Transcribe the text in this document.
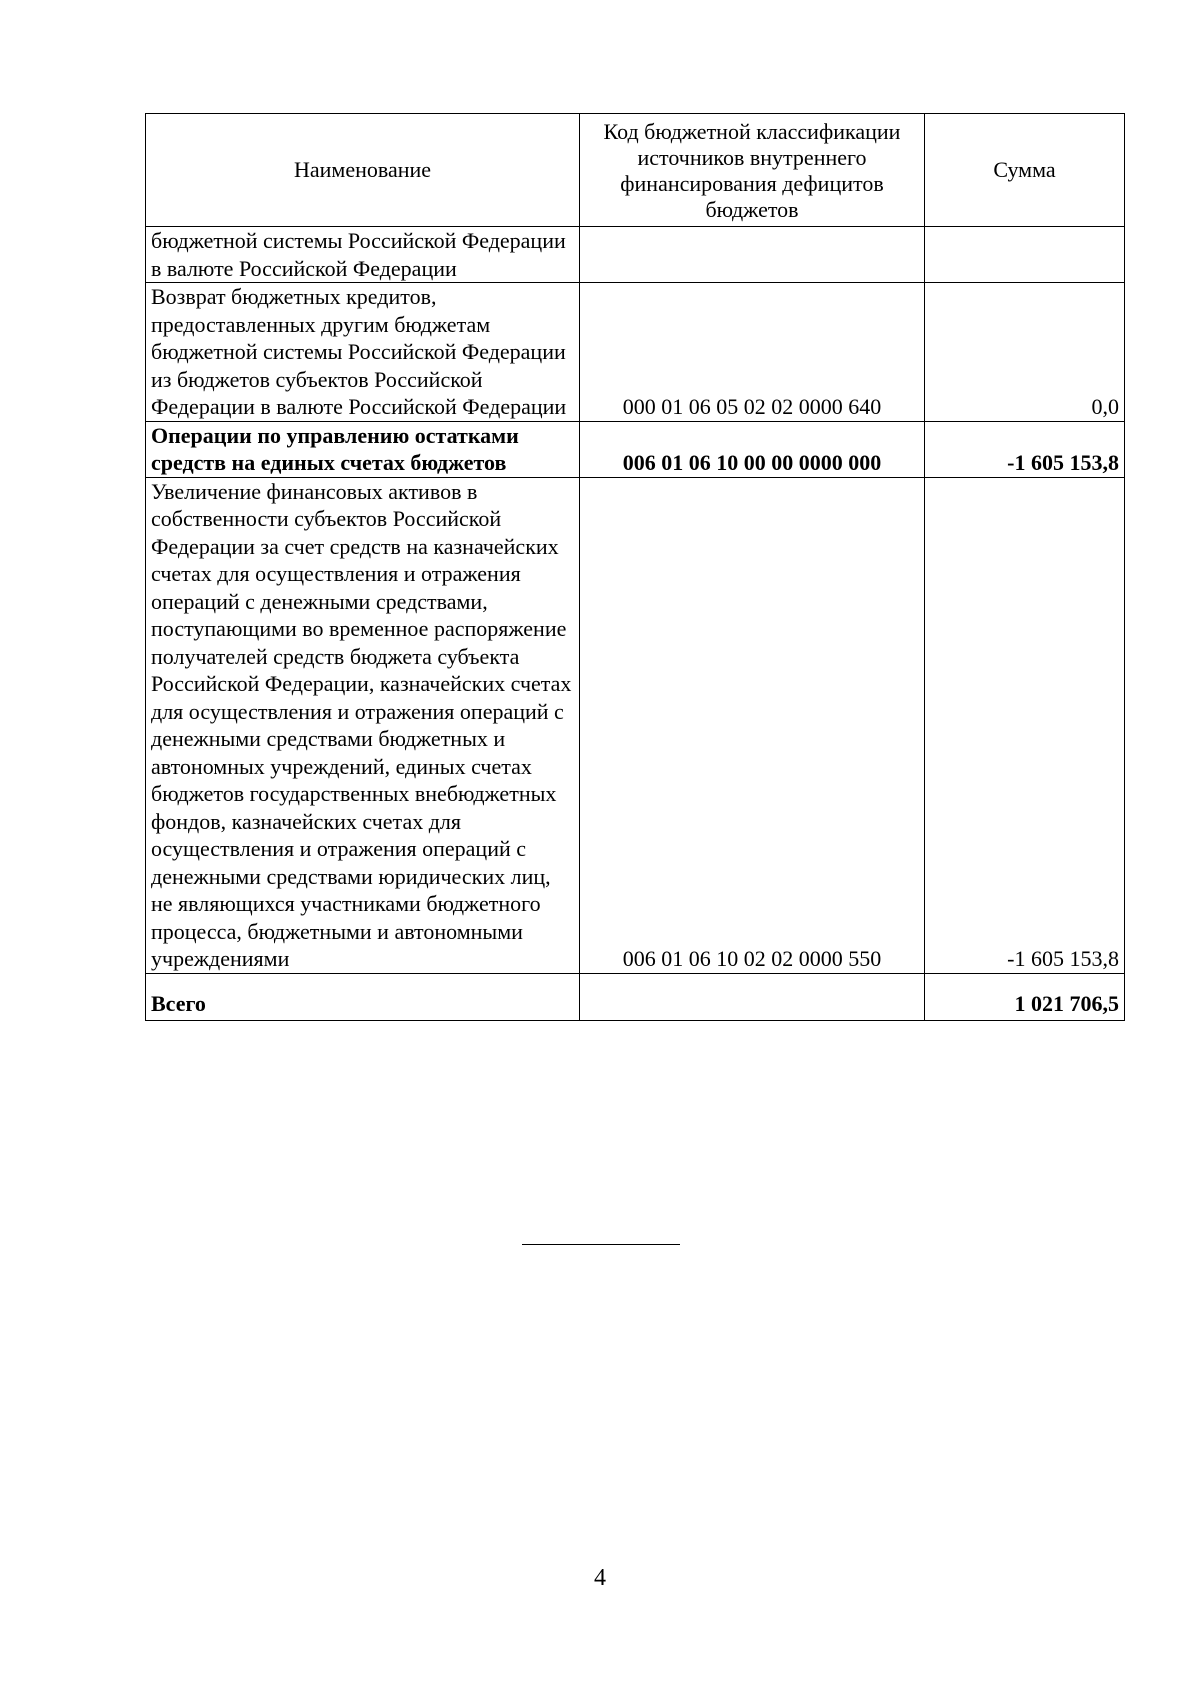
Наименование	Код бюджетной классификации источников внутреннего финансирования дефицитов бюджетов	Сумма
бюджетной системы Российской Федерации в валюте Российской Федерации		
Возврат бюджетных кредитов, предоставленных другим бюджетам бюджетной системы Российской Федерации из бюджетов субъектов Российской Федерации в валюте Российской Федерации	000 01 06 05 02 02 0000 640	0,0
Операции по управлению остатками средств на единых счетах бюджетов	006 01 06 10 00 00 0000 000	-1 605 153,8
Увеличение финансовых активов в собственности субъектов Российской Федерации за счет средств на казначейских счетах для осуществления и отражения операций с денежными средствами, поступающими во временное распоряжение получателей средств бюджета субъекта Российской Федерации, казначейских счетах для осуществления и отражения операций с денежными средствами бюджетных и автономных учреждений, единых счетах бюджетов государственных внебюджетных фондов, казначейских счетах для осуществления и отражения операций с денежными средствами юридических лиц, не являющихся участниками бюджетного процесса, бюджетными и автономными учреждениями	006 01 06 10 02 02 0000 550	-1 605 153,8
Всего		1 021 706,5
4
